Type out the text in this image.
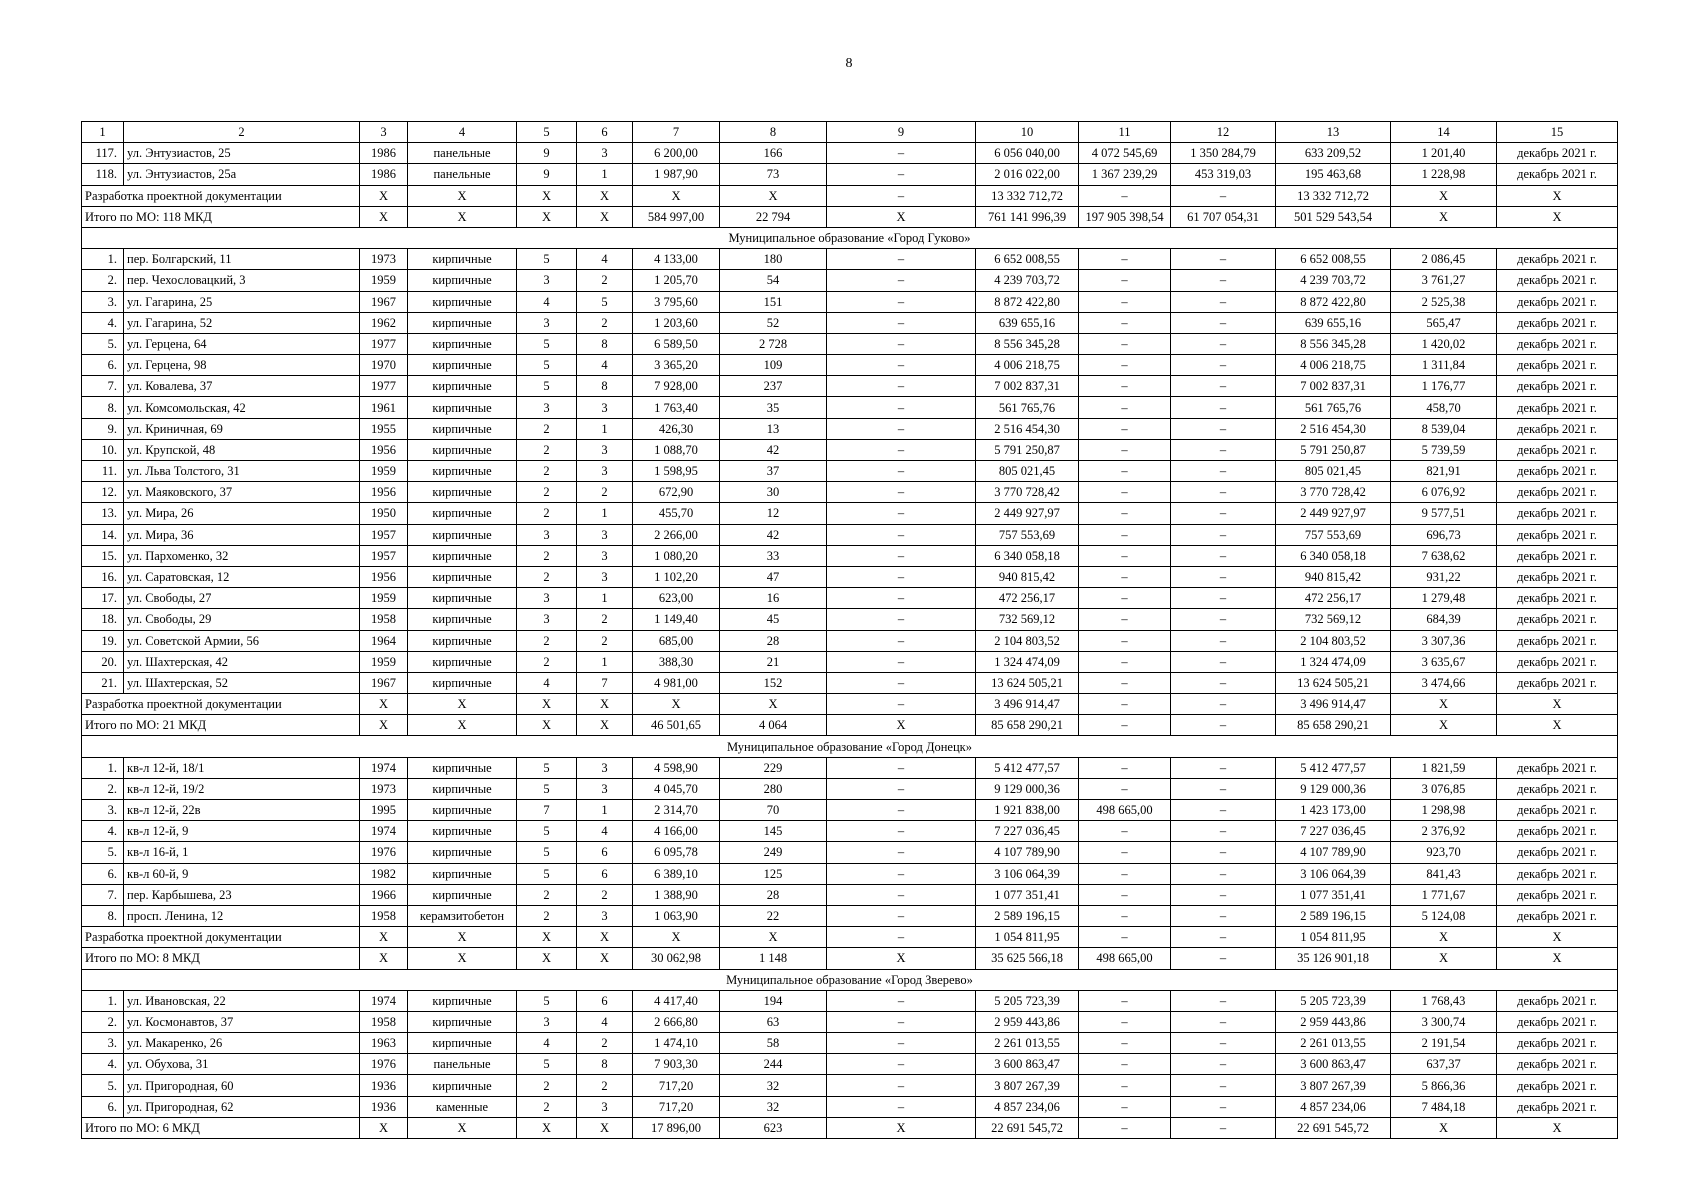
8
1	2	3	4	5	6	7	8	9	10	11	12	13	14	15
117.	ул. Энтузиастов, 25	1986	панельные	9	3	6 200,00	166	–	6 056 040,00	4 072 545,69	1 350 284,79	633 209,52	1 201,40	декабрь 2021 г.
118.	ул. Энтузиастов, 25а	1986	панельные	9	1	1 987,90	73	–	2 016 022,00	1 367 239,29	453 319,03	195 463,68	1 228,98	декабрь 2021 г.
Разработка проектной документации		X	X	X	X	X	X	–	13 332 712,72	–	–	13 332 712,72	X	X
Итого по МО: 118 МКД		X	X	X	X	584 997,00	22 794	X	761 141 996,39	197 905 398,54	61 707 054,31	501 529 543,54	X	X
Муниципальное образование «Город Гуково»														
1.	пер. Болгарский, 11	1973	кирпичные	5	4	4 133,00	180	–	6 652 008,55	–	–	6 652 008,55	2 086,45	декабрь 2021 г.
2.	пер. Чехословацкий, 3	1959	кирпичные	3	2	1 205,70	54	–	4 239 703,72	–	–	4 239 703,72	3 761,27	декабрь 2021 г.
3.	ул. Гагарина, 25	1967	кирпичные	4	5	3 795,60	151	–	8 872 422,80	–	–	8 872 422,80	2 525,38	декабрь 2021 г.
4.	ул. Гагарина, 52	1962	кирпичные	3	2	1 203,60	52	–	639 655,16	–	–	639 655,16	565,47	декабрь 2021 г.
5.	ул. Герцена, 64	1977	кирпичные	5	8	6 589,50	2 728	–	8 556 345,28	–	–	8 556 345,28	1 420,02	декабрь 2021 г.
6.	ул. Герцена, 98	1970	кирпичные	5	4	3 365,20	109	–	4 006 218,75	–	–	4 006 218,75	1 311,84	декабрь 2021 г.
7.	ул. Ковалева, 37	1977	кирпичные	5	8	7 928,00	237	–	7 002 837,31	–	–	7 002 837,31	1 176,77	декабрь 2021 г.
8.	ул. Комсомольская, 42	1961	кирпичные	3	3	1 763,40	35	–	561 765,76	–	–	561 765,76	458,70	декабрь 2021 г.
9.	ул. Криничная, 69	1955	кирпичные	2	1	426,30	13	–	2 516 454,30	–	–	2 516 454,30	8 539,04	декабрь 2021 г.
10.	ул. Крупской, 48	1956	кирпичные	2	3	1 088,70	42	–	5 791 250,87	–	–	5 791 250,87	5 739,59	декабрь 2021 г.
11.	ул. Льва Толстого, 31	1959	кирпичные	2	3	1 598,95	37	–	805 021,45	–	–	805 021,45	821,91	декабрь 2021 г.
12.	ул. Маяковского, 37	1956	кирпичные	2	2	672,90	30	–	3 770 728,42	–	–	3 770 728,42	6 076,92	декабрь 2021 г.
13.	ул. Мира, 26	1950	кирпичные	2	1	455,70	12	–	2 449 927,97	–	–	2 449 927,97	9 577,51	декабрь 2021 г.
14.	ул. Мира, 36	1957	кирпичные	3	3	2 266,00	42	–	757 553,69	–	–	757 553,69	696,73	декабрь 2021 г.
15.	ул. Пархоменко, 32	1957	кирпичные	2	3	1 080,20	33	–	6 340 058,18	–	–	6 340 058,18	7 638,62	декабрь 2021 г.
16.	ул. Саратовская, 12	1956	кирпичные	2	3	1 102,20	47	–	940 815,42	–	–	940 815,42	931,22	декабрь 2021 г.
17.	ул. Свободы, 27	1959	кирпичные	3	1	623,00	16	–	472 256,17	–	–	472 256,17	1 279,48	декабрь 2021 г.
18.	ул. Свободы, 29	1958	кирпичные	3	2	1 149,40	45	–	732 569,12	–	–	732 569,12	684,39	декабрь 2021 г.
19.	ул. Советской Армии, 56	1964	кирпичные	2	2	685,00	28	–	2 104 803,52	–	–	2 104 803,52	3 307,36	декабрь 2021 г.
20.	ул. Шахтерская, 42	1959	кирпичные	2	1	388,30	21	–	1 324 474,09	–	–	1 324 474,09	3 635,67	декабрь 2021 г.
21.	ул. Шахтерская, 52	1967	кирпичные	4	7	4 981,00	152	–	13 624 505,21	–	–	13 624 505,21	3 474,66	декабрь 2021 г.
Разработка проектной документации		X	X	X	X	X	X	–	3 496 914,47	–	–	3 496 914,47	X	X
Итого по МО: 21 МКД		X	X	X	X	46 501,65	4 064	X	85 658 290,21	–	–	85 658 290,21	X	X
Муниципальное образование «Город Донецк»														
1.	кв-л 12-й, 18/1	1974	кирпичные	5	3	4 598,90	229	–	5 412 477,57	–	–	5 412 477,57	1 821,59	декабрь 2021 г.
2.	кв-л 12-й, 19/2	1973	кирпичные	5	3	4 045,70	280	–	9 129 000,36	–	–	9 129 000,36	3 076,85	декабрь 2021 г.
3.	кв-л 12-й, 22в	1995	кирпичные	7	1	2 314,70	70	–	1 921 838,00	498 665,00	–	1 423 173,00	1 298,98	декабрь 2021 г.
4.	кв-л 12-й, 9	1974	кирпичные	5	4	4 166,00	145	–	7 227 036,45	–	–	7 227 036,45	2 376,92	декабрь 2021 г.
5.	кв-л 16-й, 1	1976	кирпичные	5	6	6 095,78	249	–	4 107 789,90	–	–	4 107 789,90	923,70	декабрь 2021 г.
6.	кв-л 60-й, 9	1982	кирпичные	5	6	6 389,10	125	–	3 106 064,39	–	–	3 106 064,39	841,43	декабрь 2021 г.
7.	пер. Карбышева, 23	1966	кирпичные	2	2	1 388,90	28	–	1 077 351,41	–	–	1 077 351,41	1 771,67	декабрь 2021 г.
8.	просп. Ленина, 12	1958	керамзитобетон	2	3	1 063,90	22	–	2 589 196,15	–	–	2 589 196,15	5 124,08	декабрь 2021 г.
Разработка проектной документации		X	X	X	X	X	X	–	1 054 811,95	–	–	1 054 811,95	X	X
Итого по МО: 8 МКД		X	X	X	X	30 062,98	1 148	X	35 625 566,18	498 665,00	–	35 126 901,18	X	X
Муниципальное образование «Город Зверево»														
1.	ул. Ивановская, 22	1974	кирпичные	5	6	4 417,40	194	–	5 205 723,39	–	–	5 205 723,39	1 768,43	декабрь 2021 г.
2.	ул. Космонавтов, 37	1958	кирпичные	3	4	2 666,80	63	–	2 959 443,86	–	–	2 959 443,86	3 300,74	декабрь 2021 г.
3.	ул. Макаренко, 26	1963	кирпичные	4	2	1 474,10	58	–	2 261 013,55	–	–	2 261 013,55	2 191,54	декабрь 2021 г.
4.	ул. Обухова, 31	1976	панельные	5	8	7 903,30	244	–	3 600 863,47	–	–	3 600 863,47	637,37	декабрь 2021 г.
5.	ул. Пригородная, 60	1936	кирпичные	2	2	717,20	32	–	3 807 267,39	–	–	3 807 267,39	5 866,36	декабрь 2021 г.
6.	ул. Пригородная, 62	1936	каменные	2	3	717,20	32	–	4 857 234,06	–	–	4 857 234,06	7 484,18	декабрь 2021 г.
Итого по МО: 6 МКД		X	X	X	X	17 896,00	623	X	22 691 545,72	–	–	22 691 545,72	X	X
